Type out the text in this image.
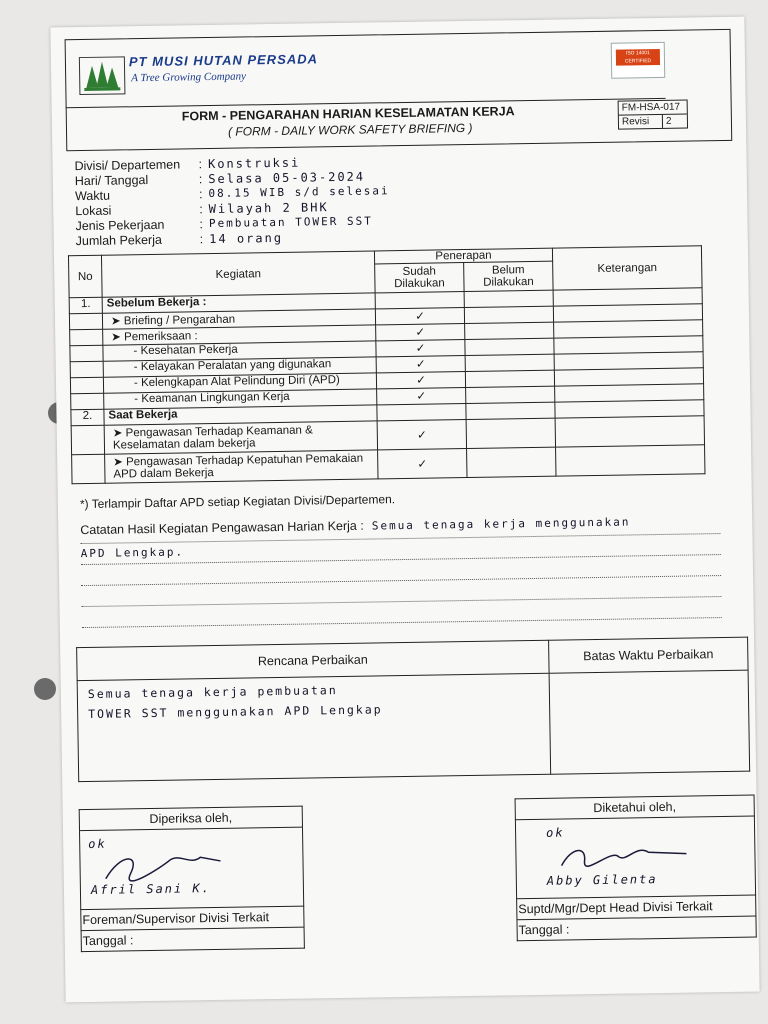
PT MUSI HUTAN PERSADA
A Tree Growing Company
ISO 14001 CERTIFIED
FORM - PENGARAHAN HARIAN KESELAMATAN KERJA
( FORM - DAILY WORK SAFETY BRIEFING )
FM-HSA-017
Revisi	2
Divisi/ Departemen	: Konstruksi
Hari/ Tanggal	: Selasa 05-03-2024
Waktu	: 08.15 WIB s/d selesai
Lokasi	: Wilayah 2 BHK
Jenis Pekerjaan	: Pembuatan TOWER SST
Jumlah Pekerja	: 14 orang
No	Kegiatan	Penerapan		Keterangan
		Sudah Dilakukan	Belum Dilakukan	
1.	Sebelum Bekerja :			
	➤ Briefing / Pengarahan	✓		
	➤ Pemeriksaan :	✓		
	- Kesehatan Pekerja	✓		
	- Kelayakan Peralatan yang digunakan	✓		
	- Kelengkapan Alat Pelindung Diri (APD)	✓		
	- Keamanan Lingkungan Kerja	✓		
2.	Saat Bekerja			
	➤ Pengawasan Terhadap Keamanan & Keselamatan dalam bekerja	✓		
	➤ Pengawasan Terhadap Kepatuhan Pemakaian APD dalam Bekerja	✓		
*) Terlampir Daftar APD setiap Kegiatan Divisi/Departemen.
Catatan Hasil Kegiatan Pengawasan Harian Kerja : Semua tenaga kerja menggunakan
APD Lengkap.
Rencana Perbaikan	Batas Waktu Perbaikan

Semua tenaga kerja pembuatan
TOWER SST menggunakan APD Lengkap	

Diperiksa oleh,

ok
Afril Sani K.

Foreman/Supervisor Divisi Terkait
Tanggal :
Diketahui oleh,

ok
Abby Gilenta

Suptd/Mgr/Dept Head Divisi Terkait
Tanggal :
